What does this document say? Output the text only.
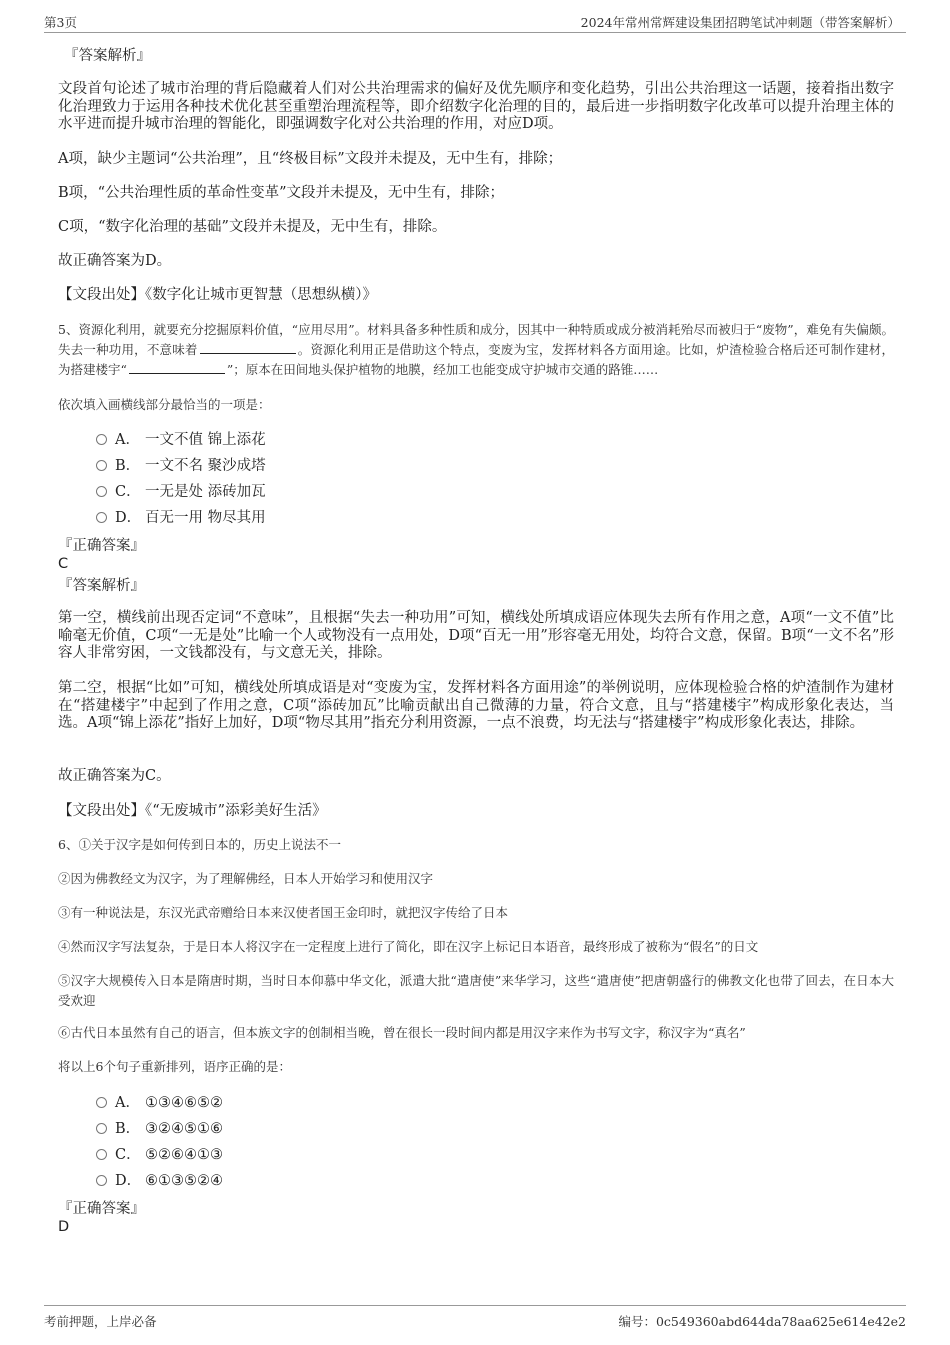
第3页	2024年常州常辉建设集团招聘笔试冲刺题（带答案解析）
『答案解析』
文段首句论述了城市治理的背后隐藏着人们对公共治理需求的偏好及优先顺序和变化趋势，引出公共治理这一话题，接着指出数字化治理致力于运用各种技术优化甚至重塑治理流程等，即介绍数字化治理的目的，最后进一步指明数字化改革可以提升治理主体的水平进而提升城市治理的智能化，即强调数字化对公共治理的作用，对应D项。
A项，缺少主题词“公共治理”，且“终极目标”文段并未提及，无中生有，排除；
B项，“公共治理性质的革命性变革”文段并未提及，无中生有，排除；
C项，“数字化治理的基础”文段并未提及，无中生有，排除。
故正确答案为D。
【文段出处】《数字化让城市更智慧（思想纵横）》
5、资源化利用，就要充分挖掘原料价值，“应用尽用”。材料具备多种性质和成分，因其中一种特质或成分被消耗殆尽而被归于“废物”，难免有失偏颇。失去一种功用，不意味着	。资源化利用正是借助这个特点，变废为宝，发挥材料各方面用途。比如，炉渣检验合格后还可制作建材，为搭建楼宇“	”；原本在田间地头保护植物的地膜，经加工也能变成守护城市交通的路锥……
依次填入画横线部分最恰当的一项是：
A． 一文不值 锦上添花
B． 一文不名 聚沙成塔
C． 一无是处 添砖加瓦
D． 百无一用 物尽其用
『正确答案』
C
『答案解析』
第一空，横线前出现否定词“不意味”，且根据“失去一种功用”可知，横线处所填成语应体现失去所有作用之意，A项“一文不值”比喻毫无价值，C项“一无是处”比喻一个人或物没有一点用处，D项“百无一用”形容毫无用处，均符合文意，保留。B项“一文不名”形容人非常穷困，一文钱都没有，与文意无关，排除。
第二空，根据“比如”可知，横线处所填成语是对“变废为宝，发挥材料各方面用途”的举例说明，应体现检验合格的炉渣制作为建材在“搭建楼宇”中起到了作用之意，C项“添砖加瓦”比喻贡献出自己微薄的力量，符合文意，且与“搭建楼宇”构成形象化表达，当选。A项“锦上添花”指好上加好，D项“物尽其用”指充分利用资源，一点不浪费，均无法与“搭建楼宇”构成形象化表达，排除。
故正确答案为C。
【文段出处】《“无废城市”添彩美好生活》
6、①关于汉字是如何传到日本的，历史上说法不一
②因为佛教经文为汉字，为了理解佛经，日本人开始学习和使用汉字
③有一种说法是，东汉光武帝赠给日本来汉使者国王金印时，就把汉字传给了日本
④然而汉字写法复杂，于是日本人将汉字在一定程度上进行了简化，即在汉字上标记日本语音，最终形成了被称为“假名”的日文
⑤汉字大规模传入日本是隋唐时期，当时日本仰慕中华文化，派遣大批“遣唐使”来华学习，这些“遣唐使”把唐朝盛行的佛教文化也带了回去，在日本大受欢迎
⑥古代日本虽然有自己的语言，但本族文字的创制相当晚，曾在很长一段时间内都是用汉字来作为书写文字，称汉字为“真名”
将以上6个句子重新排列，语序正确的是：
A． ①③④⑥⑤②
B． ③②④⑤①⑥
C． ⑤②⑥④①③
D． ⑥①③⑤②④
『正确答案』
D
考前押题，上岸必备	编号：0c549360abd644da78aa625e614e42e2
